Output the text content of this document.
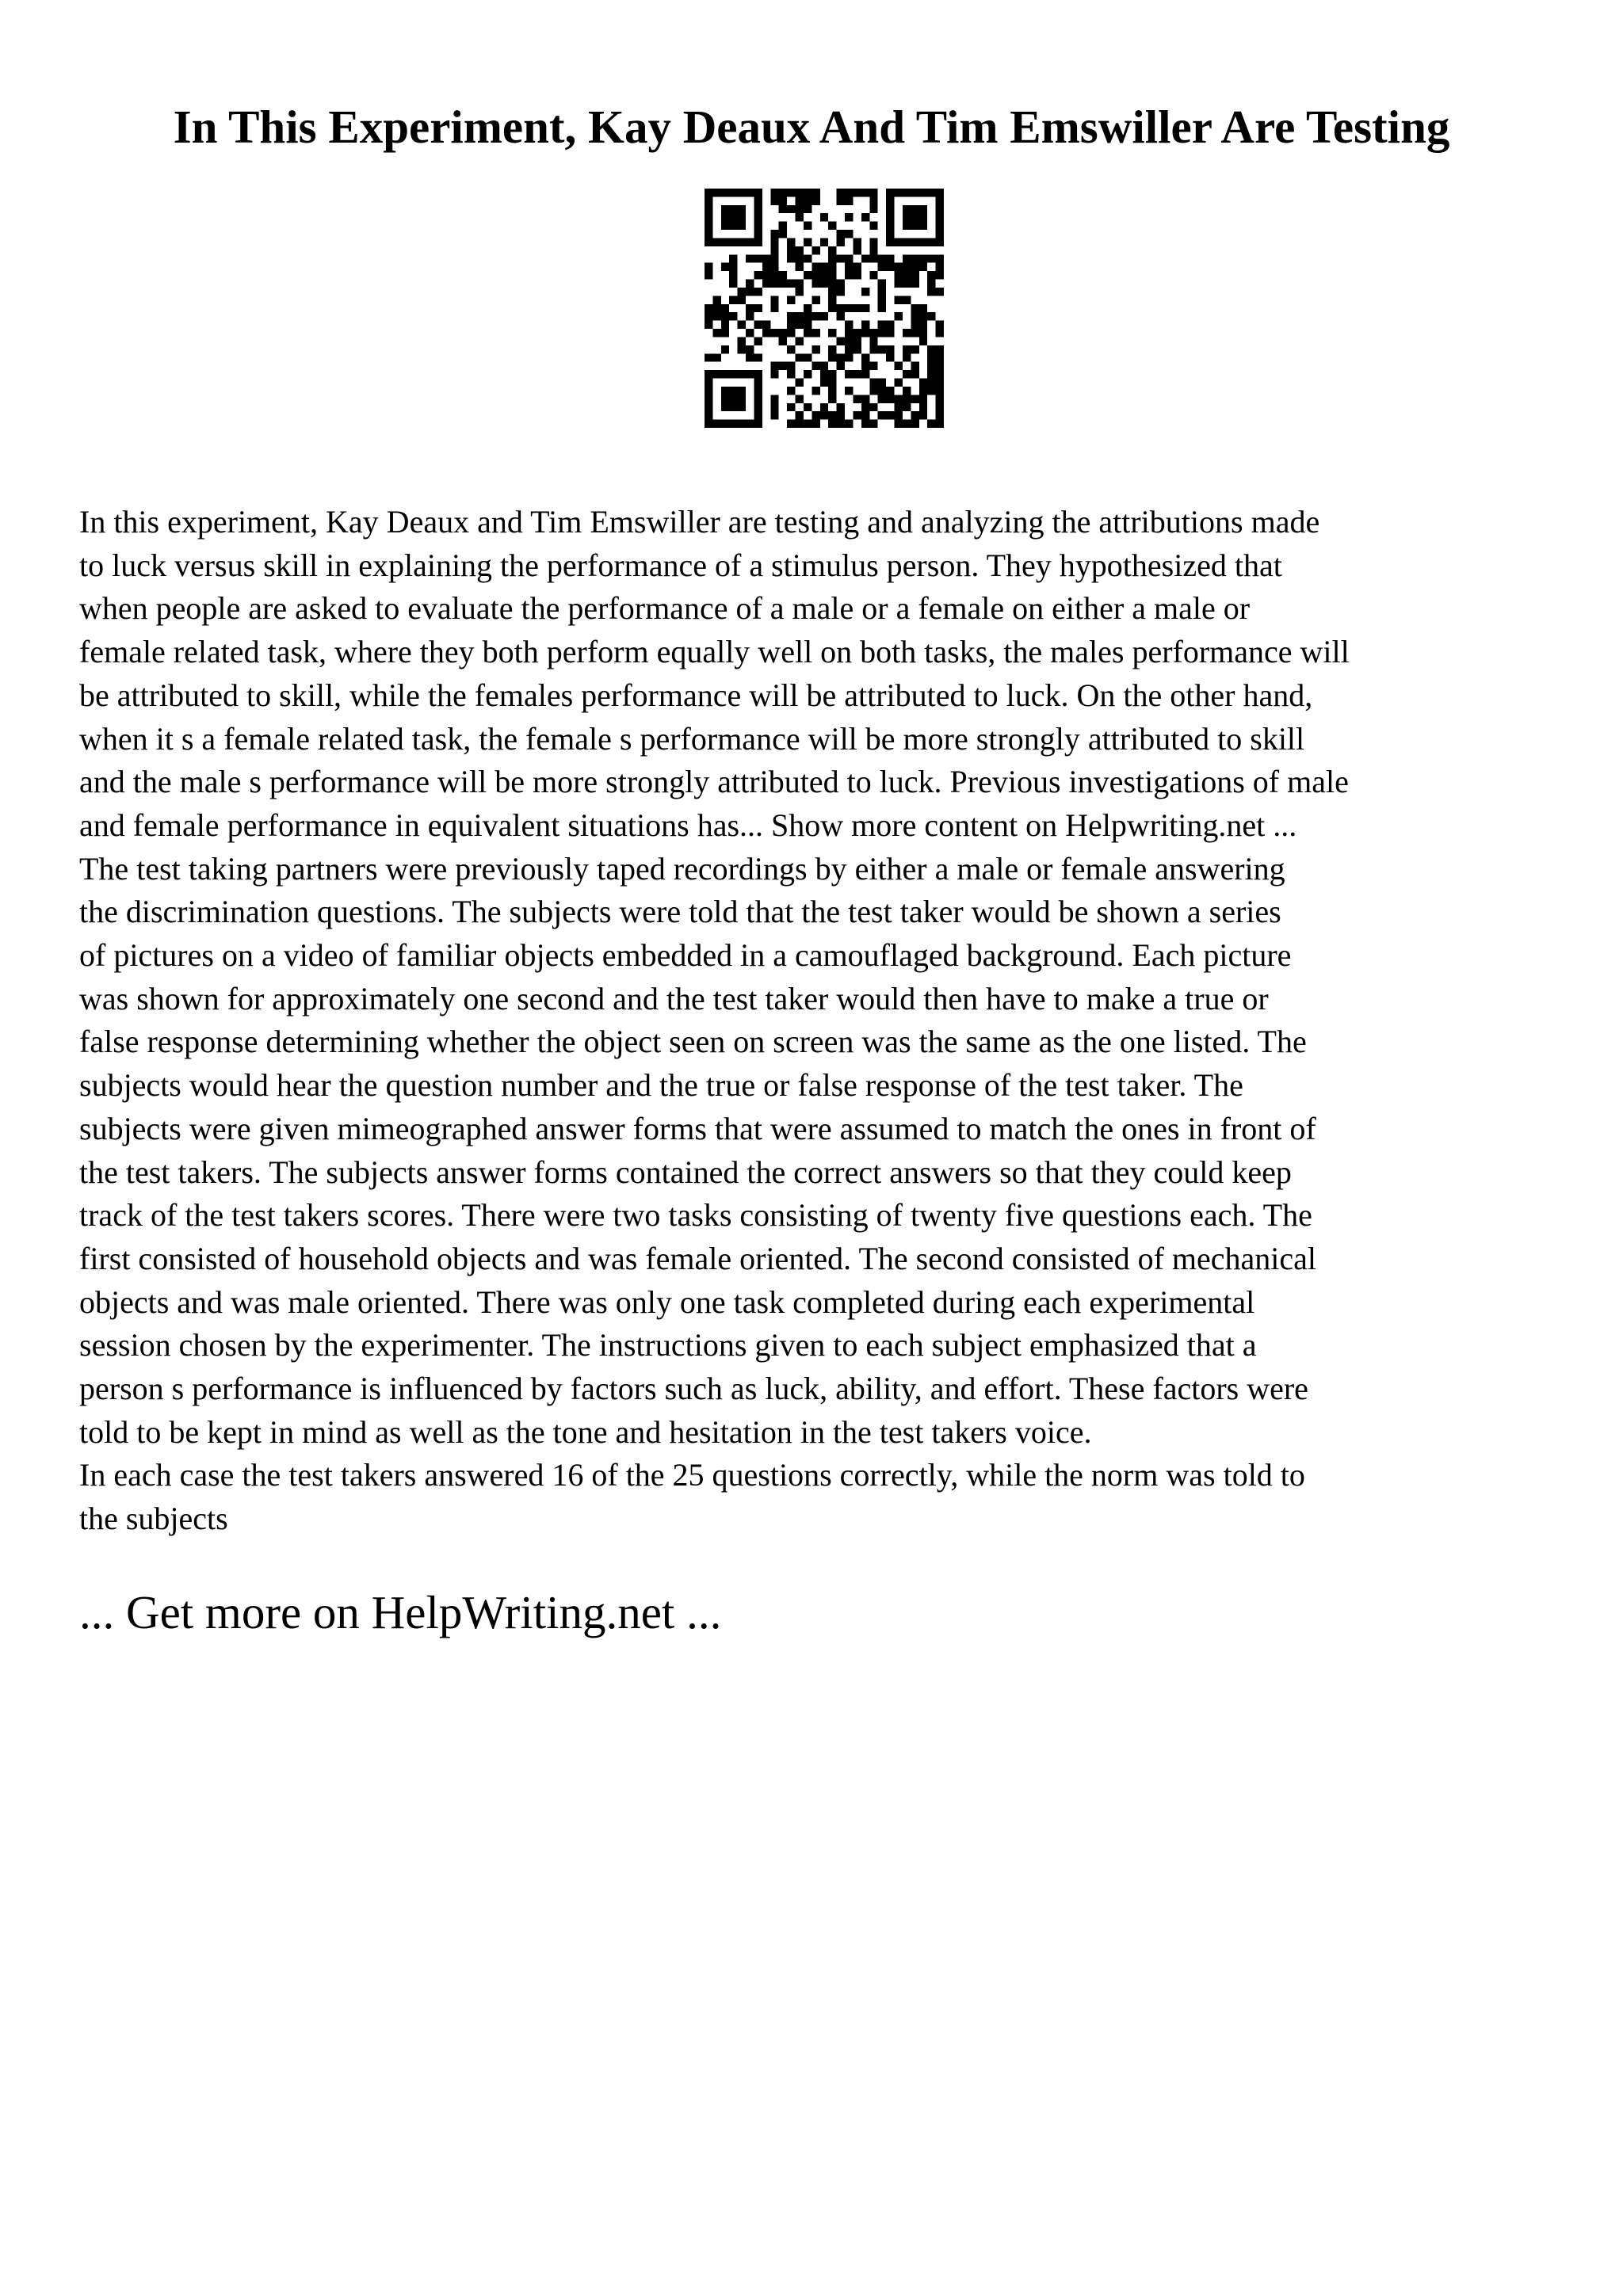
In This Experiment, Kay Deaux And Tim Emswiller Are Testing
In this experiment, Kay Deaux and Tim Emswiller are testing and analyzing the attributions made
to luck versus skill in explaining the performance of a stimulus person. They hypothesized that
when people are asked to evaluate the performance of a male or a female on either a male or
female related task, where they both perform equally well on both tasks, the males performance will
be attributed to skill, while the females performance will be attributed to luck. On the other hand,
when it s a female related task, the female s performance will be more strongly attributed to skill
and the male s performance will be more strongly attributed to luck. Previous investigations of male
and female performance in equivalent situations has... Show more content on Helpwriting.net ...
The test taking partners were previously taped recordings by either a male or female answering
the discrimination questions. The subjects were told that the test taker would be shown a series
of pictures on a video of familiar objects embedded in a camouflaged background. Each picture
was shown for approximately one second and the test taker would then have to make a true or
false response determining whether the object seen on screen was the same as the one listed. The
subjects would hear the question number and the true or false response of the test taker. The
subjects were given mimeographed answer forms that were assumed to match the ones in front of
the test takers. The subjects answer forms contained the correct answers so that they could keep
track of the test takers scores. There were two tasks consisting of twenty five questions each. The
first consisted of household objects and was female oriented. The second consisted of mechanical
objects and was male oriented. There was only one task completed during each experimental
session chosen by the experimenter. The instructions given to each subject emphasized that a
person s performance is influenced by factors such as luck, ability, and effort. These factors were
told to be kept in mind as well as the tone and hesitation in the test takers voice.
In each case the test takers answered 16 of the 25 questions correctly, while the norm was told to
the subjects

... Get more on HelpWriting.net ...
